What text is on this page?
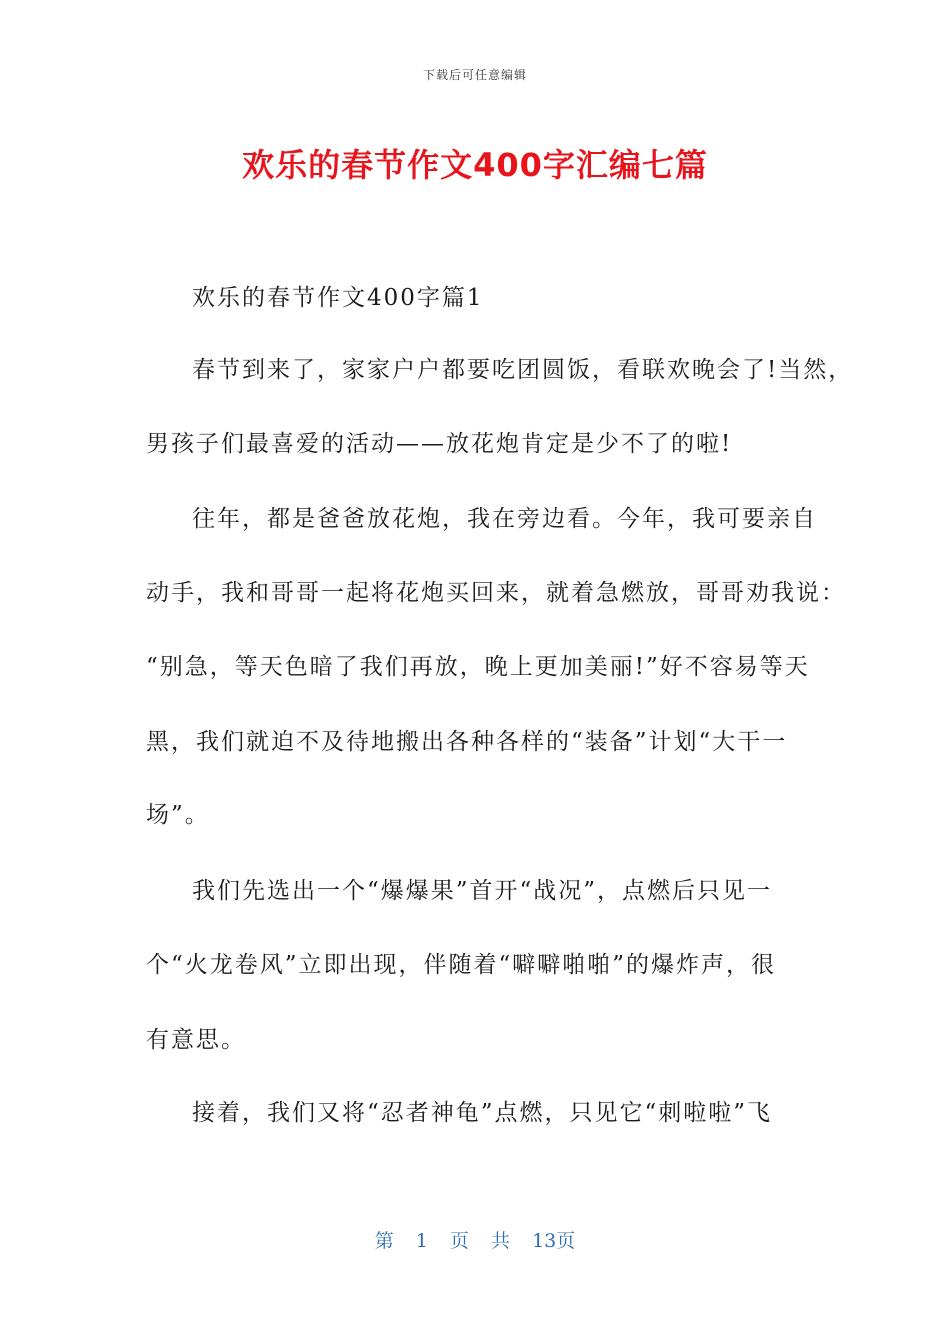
下载后可任意编辑
欢乐的春节作文400字汇编七篇
欢乐的春节作文400字篇1
春节到来了，家家户户都要吃团圆饭，看联欢晚会了!当然，
男孩子们最喜爱的活动——放花炮肯定是少不了的啦!
往年，都是爸爸放花炮，我在旁边看。今年，我可要亲自
动手，我和哥哥一起将花炮买回来，就着急燃放，哥哥劝我说：
“别急，等天色暗了我们再放，晚上更加美丽!”好不容易等天
黑，我们就迫不及待地搬出各种各样的“装备”计划“大干一
场”。
我们先选出一个“爆爆果”首开“战况”，点燃后只见一
个“火龙卷风”立即出现，伴随着“噼噼啪啪”的爆炸声，很
有意思。
接着，我们又将“忍者神龟”点燃，只见它“刺啦啦”飞
第 1 页 共 13页
